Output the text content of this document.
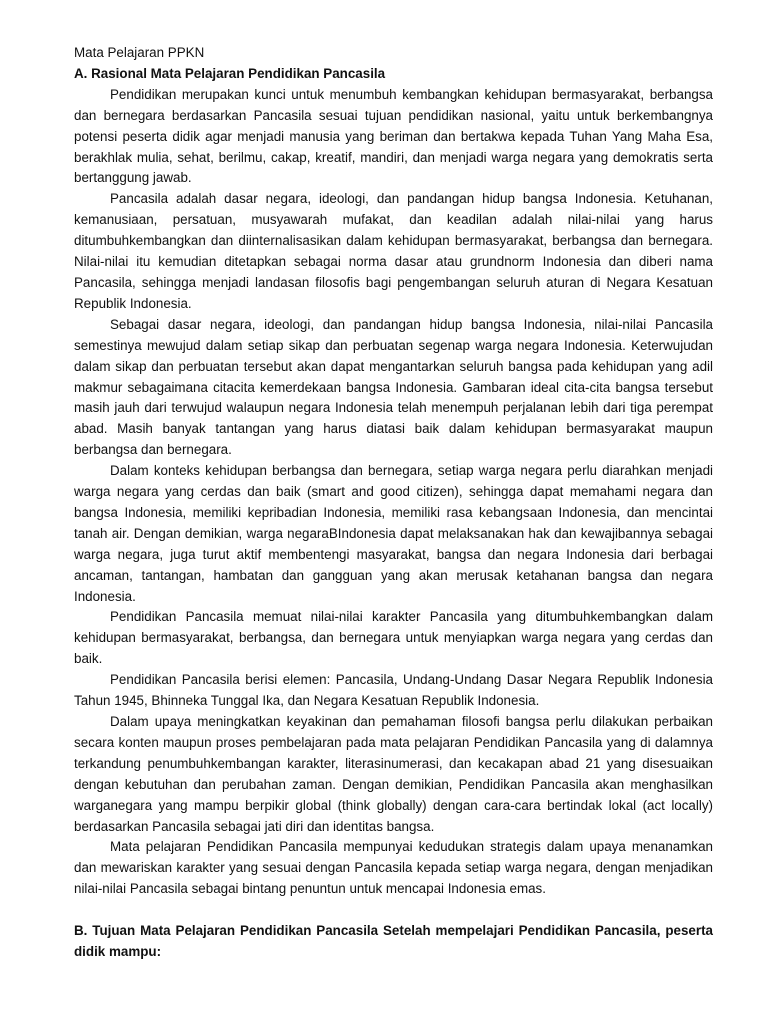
Mata Pelajaran PPKN

A. Rasional Mata Pelajaran Pendidikan Pancasila

Pendidikan merupakan kunci untuk menumbuh kembangkan kehidupan bermasyarakat, berbangsa dan bernegara berdasarkan Pancasila sesuai tujuan pendidikan nasional, yaitu untuk berkembangnya potensi peserta didik agar menjadi manusia yang beriman dan bertakwa kepada Tuhan Yang Maha Esa, berakhlak mulia, sehat, berilmu, cakap, kreatif, mandiri, dan menjadi warga negara yang demokratis serta bertanggung jawab.

Pancasila adalah dasar negara, ideologi, dan pandangan hidup bangsa Indonesia. Ketuhanan, kemanusiaan, persatuan, musyawarah mufakat, dan keadilan adalah nilai-nilai yang harus ditumbuhkembangkan dan diinternalisasikan dalam kehidupan bermasyarakat, berbangsa dan bernegara. Nilai-nilai itu kemudian ditetapkan sebagai norma dasar atau grundnorm Indonesia dan diberi nama Pancasila, sehingga menjadi landasan filosofis bagi pengembangan seluruh aturan di Negara Kesatuan Republik Indonesia.

Sebagai dasar negara, ideologi, dan pandangan hidup bangsa Indonesia, nilai-nilai Pancasila semestinya mewujud dalam setiap sikap dan perbuatan segenap warga negara Indonesia. Keterwujudan dalam sikap dan perbuatan tersebut akan dapat mengantarkan seluruh bangsa pada kehidupan yang adil makmur sebagaimana citacita kemerdekaan bangsa Indonesia. Gambaran ideal cita-cita bangsa tersebut masih jauh dari terwujud walaupun negara Indonesia telah menempuh perjalanan lebih dari tiga perempat abad. Masih banyak tantangan yang harus diatasi baik dalam kehidupan bermasyarakat maupun berbangsa dan bernegara.

Dalam konteks kehidupan berbangsa dan bernegara, setiap warga negara perlu diarahkan menjadi warga negara yang cerdas dan baik (smart and good citizen), sehingga dapat memahami negara dan bangsa Indonesia, memiliki kepribadian Indonesia, memiliki rasa kebangsaan Indonesia, dan mencintai tanah air. Dengan demikian, warga negaraBIndonesia dapat melaksanakan hak dan kewajibannya sebagai warga negara, juga turut aktif membentengi masyarakat, bangsa dan negara Indonesia dari berbagai ancaman, tantangan, hambatan dan gangguan yang akan merusak ketahanan bangsa dan negara Indonesia.

Pendidikan Pancasila memuat nilai-nilai karakter Pancasila yang ditumbuhkembangkan dalam kehidupan bermasyarakat, berbangsa, dan bernegara untuk menyiapkan warga negara yang cerdas dan baik.

Pendidikan Pancasila berisi elemen: Pancasila, Undang-Undang Dasar Negara Republik Indonesia Tahun 1945, Bhinneka Tunggal Ika, dan Negara Kesatuan Republik Indonesia.

Dalam upaya meningkatkan keyakinan dan pemahaman filosofi bangsa perlu dilakukan perbaikan secara konten maupun proses pembelajaran pada mata pelajaran Pendidikan Pancasila yang di dalamnya terkandung penumbuhkembangan karakter, literasinumerasi, dan kecakapan abad 21 yang disesuaikan dengan kebutuhan dan perubahan zaman. Dengan demikian, Pendidikan Pancasila akan menghasilkan warganegara yang mampu berpikir global (think globally) dengan cara-cara bertindak lokal (act locally) berdasarkan Pancasila sebagai jati diri dan identitas bangsa.

Mata pelajaran Pendidikan Pancasila mempunyai kedudukan strategis dalam upaya menanamkan dan mewariskan karakter yang sesuai dengan Pancasila kepada setiap warga negara, dengan menjadikan nilai-nilai Pancasila sebagai bintang penuntun untuk mencapai Indonesia emas.

B. Tujuan Mata Pelajaran Pendidikan Pancasila Setelah mempelajari Pendidikan Pancasila, peserta didik mampu:
